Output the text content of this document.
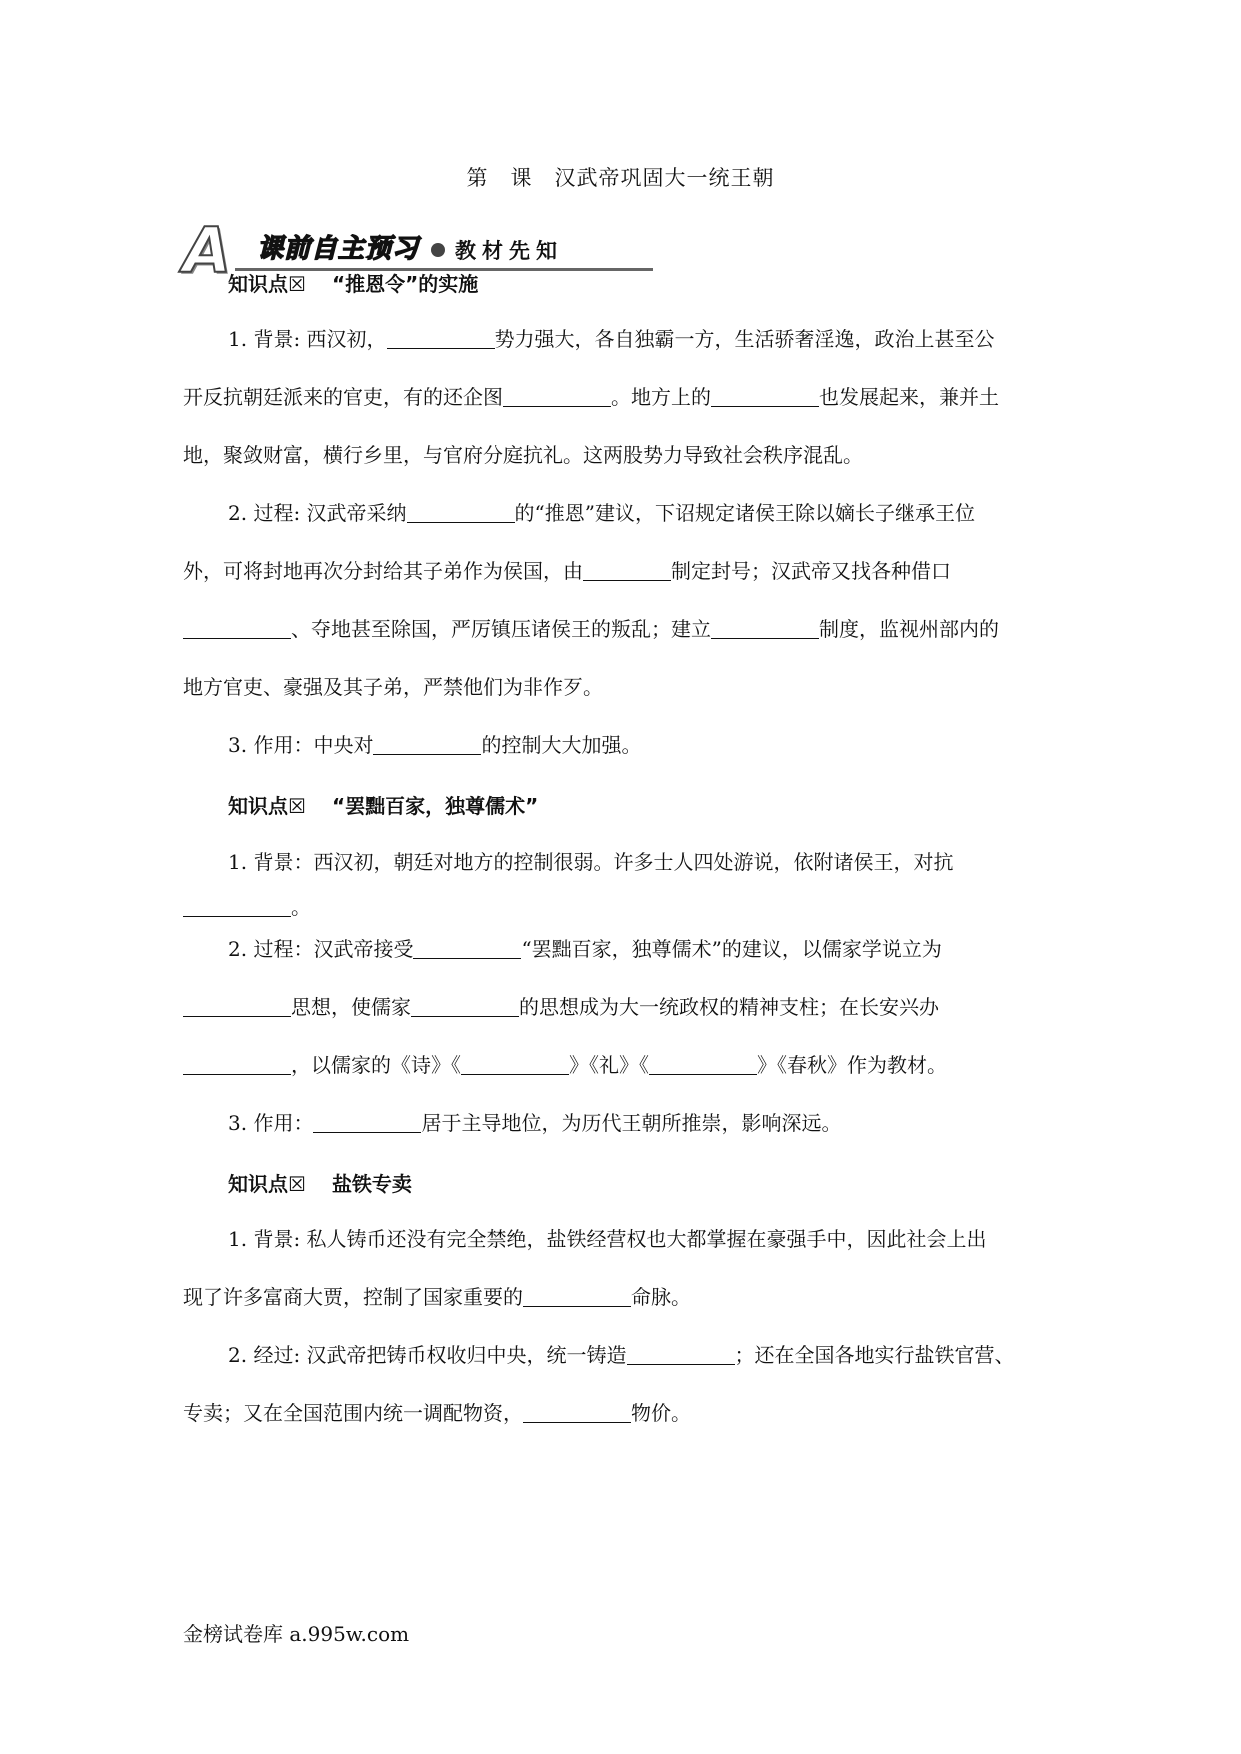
第　课　汉武帝巩固大一统王朝
A	课前自主预习 教材先知
知识点☒ “推恩令”的实施
1. 背景: 西汉初，	势力强大，各自独霸一方，生活骄奢淫逸，政治上甚至公
开反抗朝廷派来的官吏，有的还企图	。地方上的	也发展起来，兼并土
地，聚敛财富，横行乡里，与官府分庭抗礼。这两股势力导致社会秩序混乱。
2. 过程: 汉武帝采纳	的“推恩”建议，下诏规定诸侯王除以嫡长子继承王位
外，可将封地再次分封给其子弟作为侯国，由	制定封号；汉武帝又找各种借口
、夺地甚至除国，严厉镇压诸侯王的叛乱；建立	制度，监视州部内的
地方官吏、豪强及其子弟，严禁他们为非作歹。
3. 作用：中央对	的控制大大加强。
知识点☒ “罢黜百家，独尊儒术”
1. 背景：西汉初，朝廷对地方的控制很弱。许多士人四处游说，依附诸侯王，对抗
。
2. 过程：汉武帝接受	“罢黜百家，独尊儒术”的建议，以儒家学说立为
思想，使儒家	的思想成为大一统政权的精神支柱；在长安兴办
，以儒家的《诗》《	》《礼》《	》《春秋》作为教材。
3. 作用：	居于主导地位，为历代王朝所推崇，影响深远。
知识点☒ 盐铁专卖
1. 背景: 私人铸币还没有完全禁绝，盐铁经营权也大都掌握在豪强手中，因此社会上出
现了许多富商大贾，控制了国家重要的	命脉。
2. 经过: 汉武帝把铸币权收归中央，统一铸造	；还在全国各地实行盐铁官营、
专卖；又在全国范围内统一调配物资，	物价。
金榜试卷库 a.995w.com
